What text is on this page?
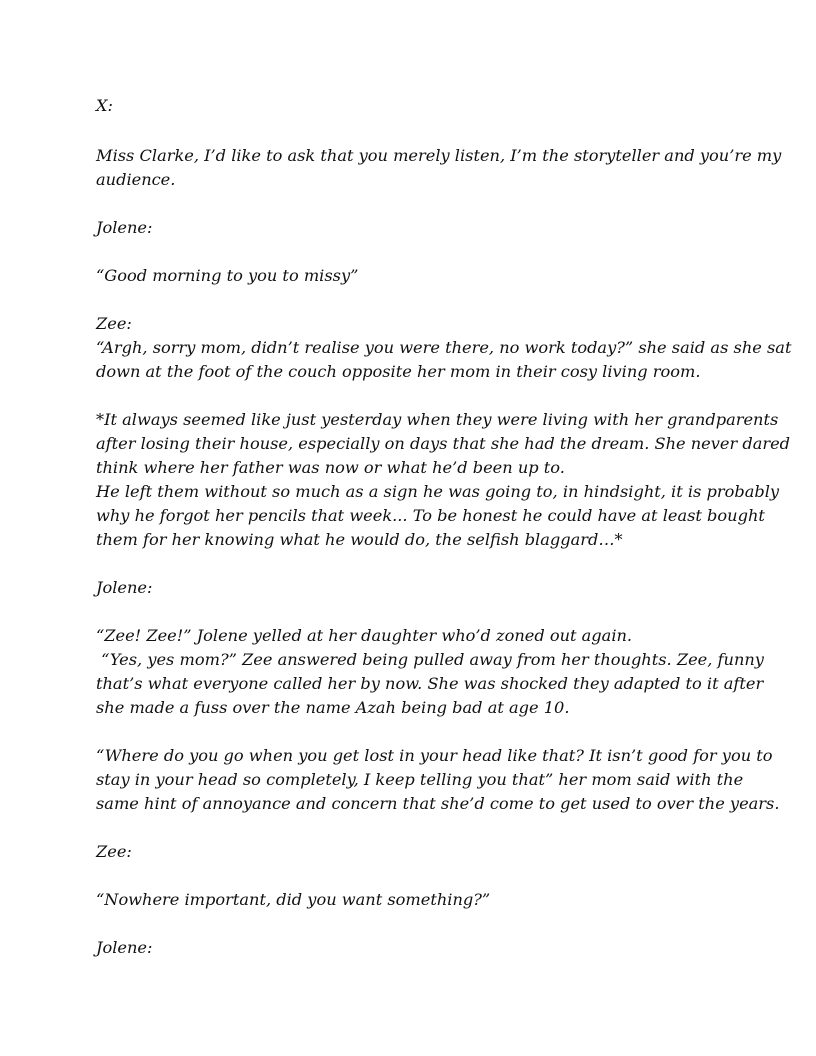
X:
Miss Clarke, I’d like to ask that you merely listen, I’m the storyteller and you’re my
audience.
Jolene:
“Good morning to you to missy”
Zee:
“Argh, sorry mom, didn’t realise you were there, no work today?” she said as she sat
down at the foot of the couch opposite her mom in their cosy living room.
*It always seemed like just yesterday when they were living with her grandparents
after losing their house, especially on days that she had the dream. She never dared
think where her father was now or what he’d been up to.
He left them without so much as a sign he was going to, in hindsight, it is probably
why he forgot her pencils that week... To be honest he could have at least bought
them for her knowing what he would do, the selfish blaggard…*
Jolene:
“Zee! Zee!” Jolene yelled at her daughter who’d zoned out again.
“Yes, yes mom?” Zee answered being pulled away from her thoughts. Zee, funny
that’s what everyone called her by now. She was shocked they adapted to it after
she made a fuss over the name Azah being bad at age 10.
“Where do you go when you get lost in your head like that? It isn’t good for you to
stay in your head so completely, I keep telling you that” her mom said with the
same hint of annoyance and concern that she’d come to get used to over the years.
Zee:
“Nowhere important, did you want something?”
Jolene:
